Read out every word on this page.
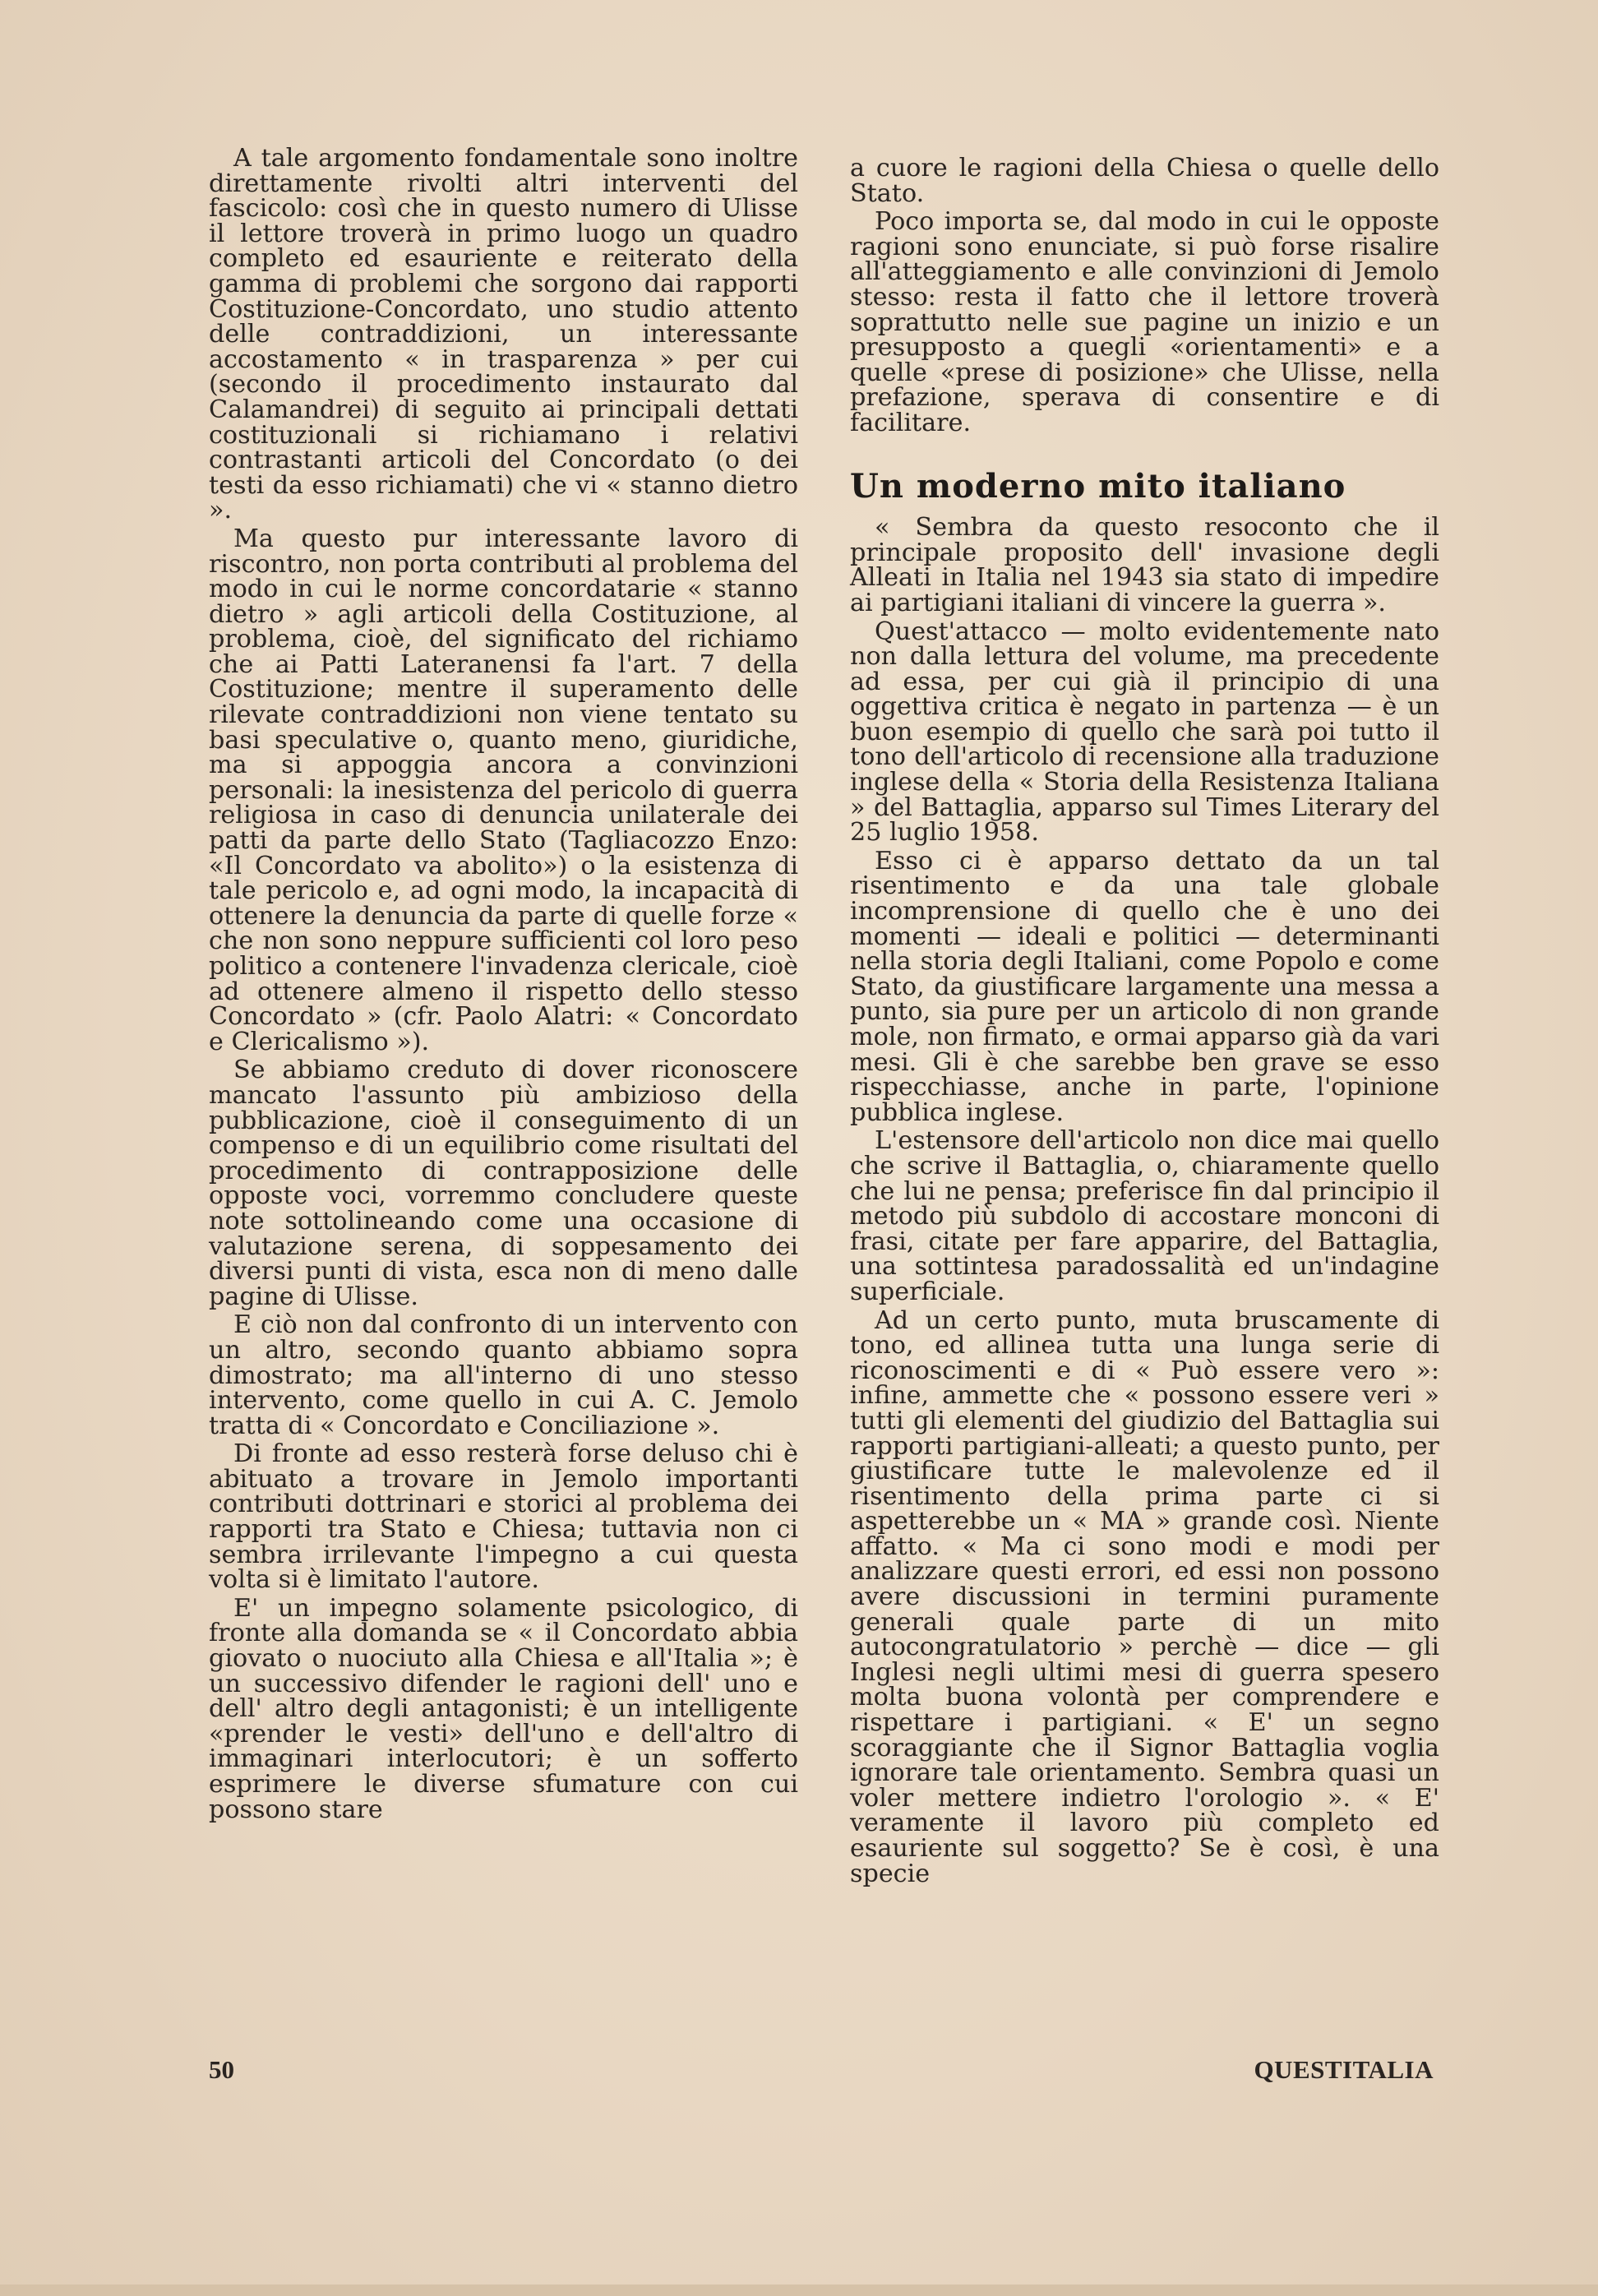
A tale argomento fondamentale sono inoltre direttamente rivolti altri interventi del fascicolo: così che in questo numero di Ulisse il lettore troverà in primo luogo un quadro completo ed esauriente e reiterato della gamma di problemi che sorgono dai rapporti Costituzione-Concordato, uno studio attento delle contraddizioni, un interessante accostamento « in trasparenza » per cui (secondo il procedimento instaurato dal Calamandrei) di seguito ai principali dettati costituzionali si richiamano i relativi contrastanti articoli del Concordato (o dei testi da esso richiamati) che vi « stanno dietro ».

Ma questo pur interessante lavoro di riscontro, non porta contributi al problema del modo in cui le norme concordatarie « stanno dietro » agli articoli della Costituzione, al problema, cioè, del significato del richiamo che ai Patti Lateranensi fa l'art. 7 della Costituzione; mentre il superamento delle rilevate contraddizioni non viene tentato su basi speculative o, quanto meno, giuridiche, ma si appoggia ancora a convinzioni personali: la inesistenza del pericolo di guerra religiosa in caso di denuncia unilaterale dei patti da parte dello Stato (Tagliacozzo Enzo: «Il Concordato va abolito») o la esistenza di tale pericolo e, ad ogni modo, la incapacità di ottenere la denuncia da parte di quelle forze « che non sono neppure sufficienti col loro peso politico a contenere l'invadenza clericale, cioè ad ottenere almeno il rispetto dello stesso Concordato » (cfr. Paolo Alatri: « Concordato e Clericalismo »).

Se abbiamo creduto di dover riconoscere mancato l'assunto più ambizioso della pubblicazione, cioè il conseguimento di un compenso e di un equilibrio come risultati del procedimento di contrapposizione delle opposte voci, vorremmo concludere queste note sottolineando come una occasione di valutazione serena, di soppesamento dei diversi punti di vista, esca non di meno dalle pagine di Ulisse.

E ciò non dal confronto di un intervento con un altro, secondo quanto abbiamo sopra dimostrato; ma all'interno di uno stesso intervento, come quello in cui A. C. Jemolo tratta di « Concordato e Conciliazione ».

Di fronte ad esso resterà forse deluso chi è abituato a trovare in Jemolo importanti contributi dottrinari e storici al problema dei rapporti tra Stato e Chiesa; tuttavia non ci sembra irrilevante l'impegno a cui questa volta si è limitato l'autore.

E' un impegno solamente psicologico, di fronte alla domanda se « il Concordato abbia giovato o nuociuto alla Chiesa e all'Italia »; è un successivo difender le ragioni dell' uno e dell' altro degli antagonisti; è un intelligente «prender le vesti» dell'uno e dell'altro di immaginari interlocutori; è un sofferto esprimere le diverse sfumature con cui possono stare

a cuore le ragioni della Chiesa o quelle dello Stato.

Poco importa se, dal modo in cui le opposte ragioni sono enunciate, si può forse risalire all'atteggiamento e alle convinzioni di Jemolo stesso: resta il fatto che il lettore troverà soprattutto nelle sue pagine un inizio e un presupposto a quegli «orientamenti» e a quelle «prese di posizione» che Ulisse, nella prefazione, sperava di consentire e di facilitare.

Un moderno mito italiano

« Sembra da questo resoconto che il principale proposito dell' invasione degli Alleati in Italia nel 1943 sia stato di impedire ai partigiani italiani di vincere la guerra ».

Quest'attacco — molto evidentemente nato non dalla lettura del volume, ma precedente ad essa, per cui già il principio di una oggettiva critica è negato in partenza — è un buon esempio di quello che sarà poi tutto il tono dell'articolo di recensione alla traduzione inglese della « Storia della Resistenza Italiana » del Battaglia, apparso sul Times Literary del 25 luglio 1958.

Esso ci è apparso dettato da un tal risentimento e da una tale globale incomprensione di quello che è uno dei momenti — ideali e politici — determinanti nella storia degli Italiani, come Popolo e come Stato, da giustificare largamente una messa a punto, sia pure per un articolo di non grande mole, non firmato, e ormai apparso già da vari mesi. Gli è che sarebbe ben grave se esso rispecchiasse, anche in parte, l'opinione pubblica inglese.

L'estensore dell'articolo non dice mai quello che scrive il Battaglia, o, chiaramente quello che lui ne pensa; preferisce fin dal principio il metodo più subdolo di accostare monconi di frasi, citate per fare apparire, del Battaglia, una sottintesa paradossalità ed un'indagine superficiale.

Ad un certo punto, muta bruscamente di tono, ed allinea tutta una lunga serie di riconoscimenti e di « Può essere vero »: infine, ammette che « possono essere veri » tutti gli elementi del giudizio del Battaglia sui rapporti partigiani-alleati; a questo punto, per giustificare tutte le malevolenze ed il risentimento della prima parte ci si aspetterebbe un « MA » grande così. Niente affatto. « Ma ci sono modi e modi per analizzare questi errori, ed essi non possono avere discussioni in termini puramente generali quale parte di un mito autocongratulatorio » perchè — dice — gli Inglesi negli ultimi mesi di guerra spesero molta buona volontà per comprendere e rispettare i partigiani. « E' un segno scoraggiante che il Signor Battaglia voglia ignorare tale orientamento. Sembra quasi un voler mettere indietro l'orologio ». « E' veramente il lavoro più completo ed esauriente sul soggetto? Se è così, è una specie

50	QUESTITALIA
